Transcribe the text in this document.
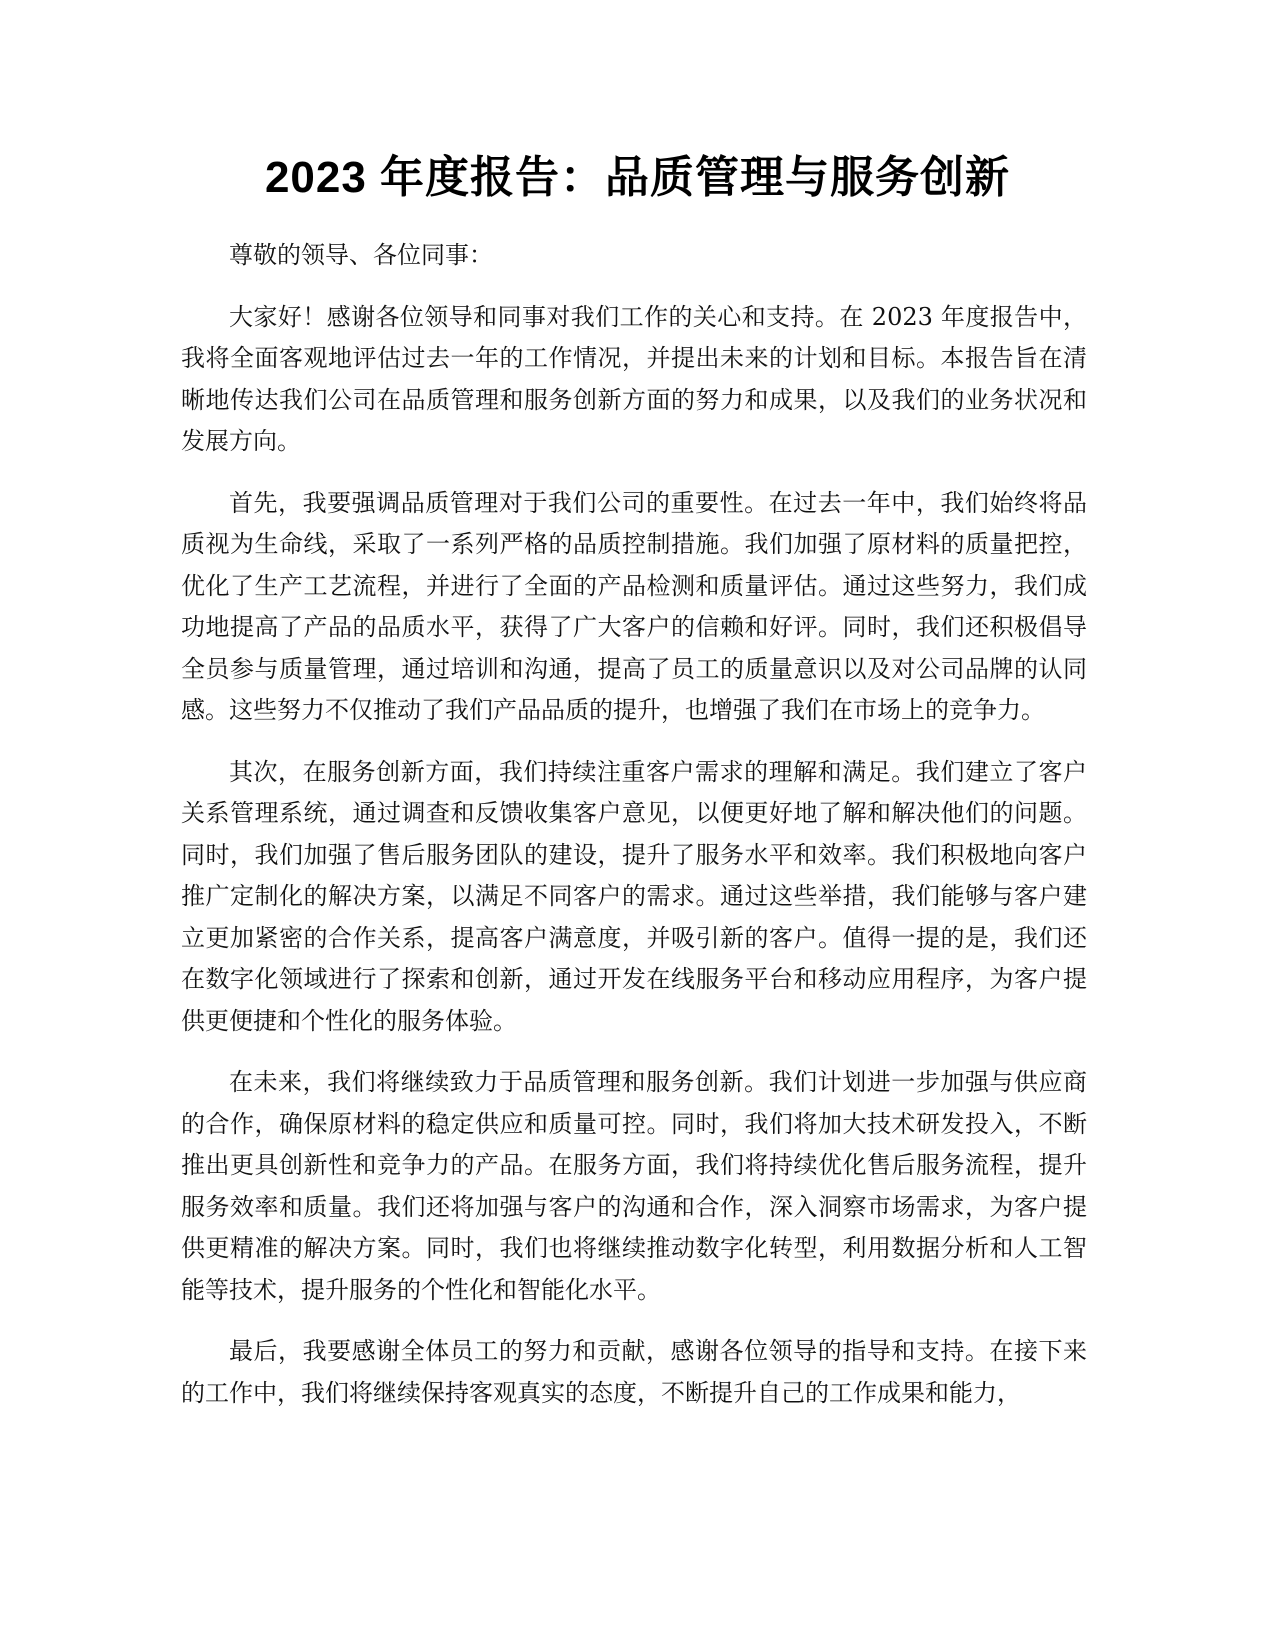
2023 年度报告：品质管理与服务创新

尊敬的领导、各位同事：

大家好！感谢各位领导和同事对我们工作的关心和支持。在 2023 年度报告中，我将全面客观地评估过去一年的工作情况，并提出未来的计划和目标。本报告旨在清晰地传达我们公司在品质管理和服务创新方面的努力和成果，以及我们的业务状况和发展方向。

首先，我要强调品质管理对于我们公司的重要性。在过去一年中，我们始终将品质视为生命线，采取了一系列严格的品质控制措施。我们加强了原材料的质量把控，优化了生产工艺流程，并进行了全面的产品检测和质量评估。通过这些努力，我们成功地提高了产品的品质水平，获得了广大客户的信赖和好评。同时，我们还积极倡导全员参与质量管理，通过培训和沟通，提高了员工的质量意识以及对公司品牌的认同感。这些努力不仅推动了我们产品品质的提升，也增强了我们在市场上的竞争力。

其次，在服务创新方面，我们持续注重客户需求的理解和满足。我们建立了客户关系管理系统，通过调查和反馈收集客户意见，以便更好地了解和解决他们的问题。同时，我们加强了售后服务团队的建设，提升了服务水平和效率。我们积极地向客户推广定制化的解决方案，以满足不同客户的需求。通过这些举措，我们能够与客户建立更加紧密的合作关系，提高客户满意度，并吸引新的客户。值得一提的是，我们还在数字化领域进行了探索和创新，通过开发在线服务平台和移动应用程序，为客户提供更便捷和个性化的服务体验。

在未来，我们将继续致力于品质管理和服务创新。我们计划进一步加强与供应商的合作，确保原材料的稳定供应和质量可控。同时，我们将加大技术研发投入，不断推出更具创新性和竞争力的产品。在服务方面，我们将持续优化售后服务流程，提升服务效率和质量。我们还将加强与客户的沟通和合作，深入洞察市场需求，为客户提供更精准的解决方案。同时，我们也将继续推动数字化转型，利用数据分析和人工智能等技术，提升服务的个性化和智能化水平。

最后，我要感谢全体员工的努力和贡献，感谢各位领导的指导和支持。在接下来的工作中，我们将继续保持客观真实的态度，不断提升自己的工作成果和能力，
